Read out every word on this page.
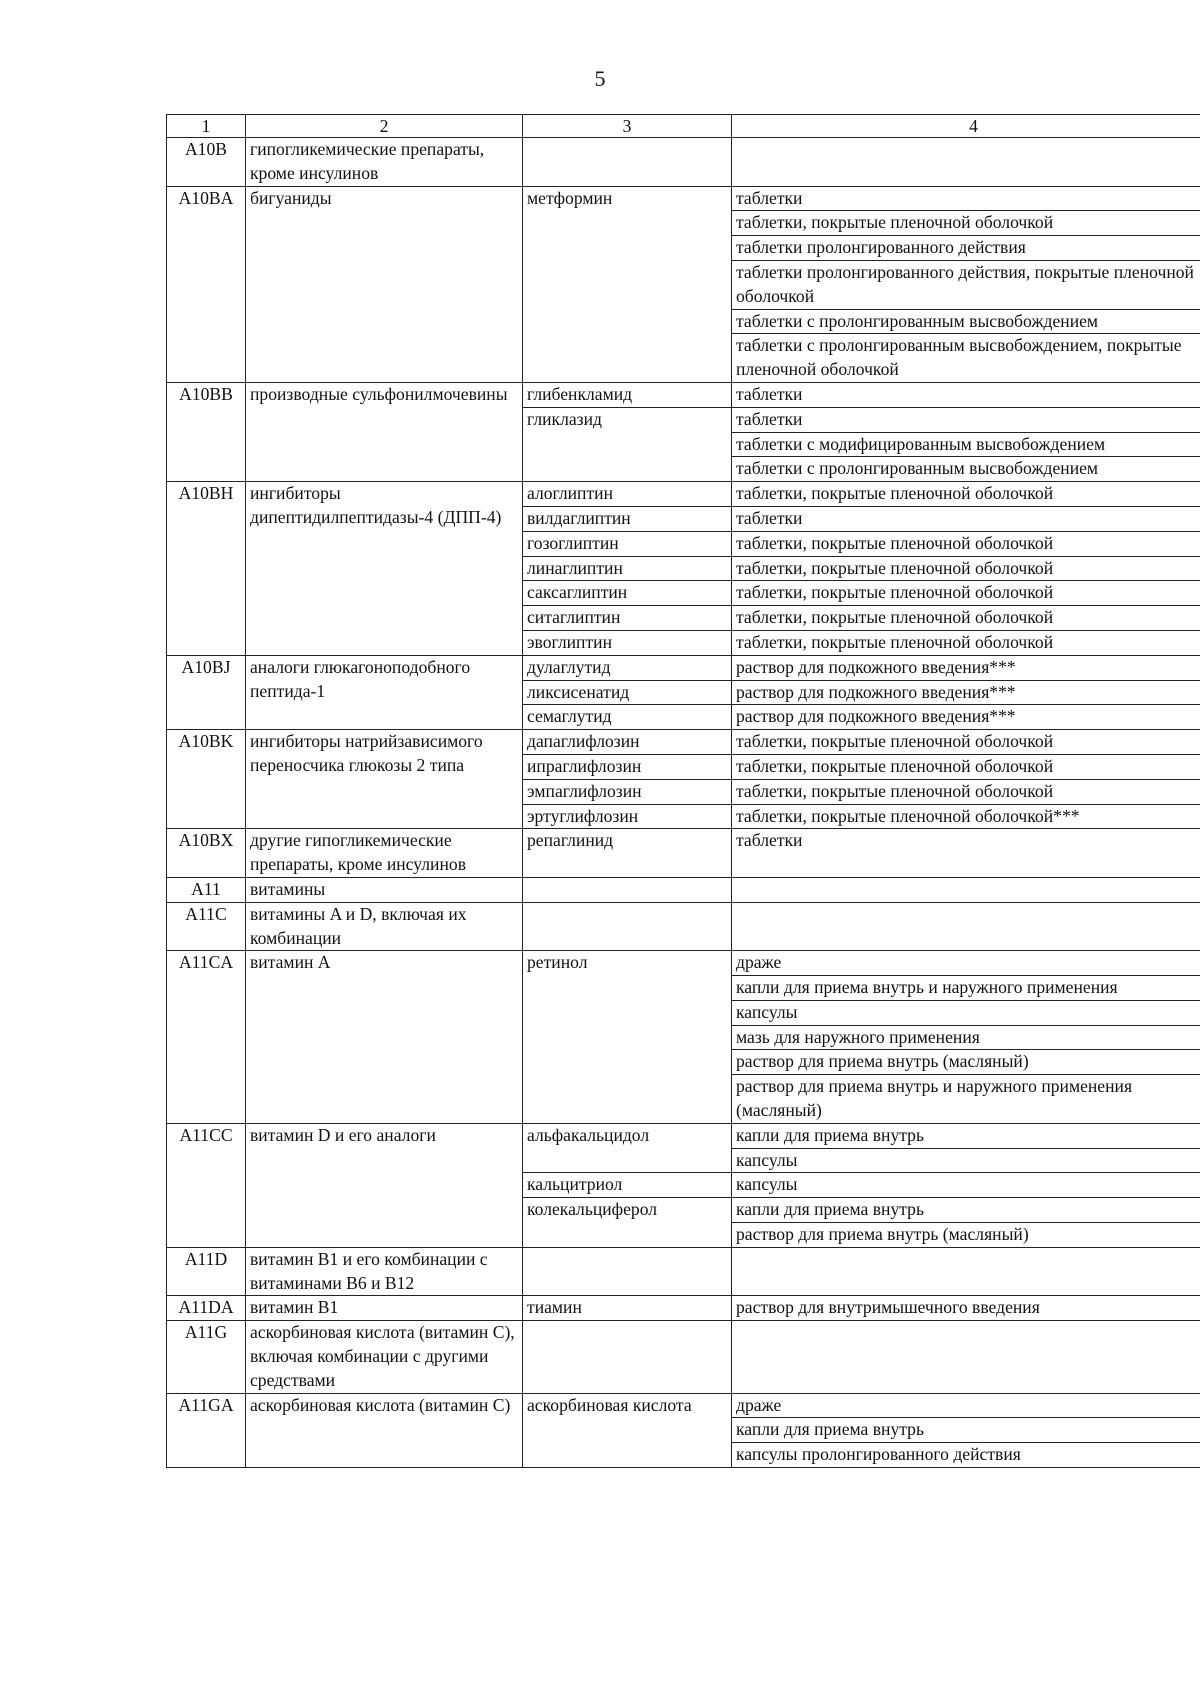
5
1	2	3	4
A10B	гипогликемические препараты, кроме инсулинов		
A10BA	бигуаниды	метформин	таблетки
			таблетки, покрытые пленочной оболочкой
			таблетки пролонгированного действия
			таблетки пролонгированного действия, покрытые пленочной оболочкой
			таблетки с пролонгированным высвобождением
			таблетки с пролонгированным высвобождением, покрытые пленочной оболочкой
A10BB	производные сульфонилмочевины	глибенкламид	таблетки
		гликлазид	таблетки
			таблетки с модифицированным высвобождением
			таблетки с пролонгированным высвобождением
A10BH	ингибиторы дипептидилпептидазы-4 (ДПП-4)	алоглиптин	таблетки, покрытые пленочной оболочкой
		вилдаглиптин	таблетки
		гозоглиптин	таблетки, покрытые пленочной оболочкой
		линаглиптин	таблетки, покрытые пленочной оболочкой
		саксаглиптин	таблетки, покрытые пленочной оболочкой
		ситаглиптин	таблетки, покрытые пленочной оболочкой
		эвоглиптин	таблетки, покрытые пленочной оболочкой
A10BJ	аналоги глюкагоноподобного пептида-1	дулаглутид	раствор для подкожного введения***
		ликсисенатид	раствор для подкожного введения***
		семаглутид	раствор для подкожного введения***
A10BK	ингибиторы натрийзависимого переносчика глюкозы 2 типа	дапаглифлозин	таблетки, покрытые пленочной оболочкой
		ипраглифлозин	таблетки, покрытые пленочной оболочкой
		эмпаглифлозин	таблетки, покрытые пленочной оболочкой
		эртуглифлозин	таблетки, покрытые пленочной оболочкой***
A10BX	другие гипогликемические препараты, кроме инсулинов	репаглинид	таблетки
A11	витамины		
A11C	витамины A и D, включая их комбинации		
A11CA	витамин A	ретинол	драже
			капли для приема внутрь и наружного применения
			капсулы
			мазь для наружного применения
			раствор для приема внутрь (масляный)
			раствор для приема внутрь и наружного применения (масляный)
A11CC	витамин D и его аналоги	альфакальцидол	капли для приема внутрь
			капсулы
		кальцитриол	капсулы
		колекальциферол	капли для приема внутрь
			раствор для приема внутрь (масляный)
A11D	витамин B1 и его комбинации с витаминами B6 и B12		
A11DA	витамин B1	тиамин	раствор для внутримышечного введения
A11G	аскорбиновая кислота (витамин C), включая комбинации с другими средствами		
A11GA	аскорбиновая кислота (витамин C)	аскорбиновая кислота	драже
			капли для приема внутрь
			капсулы пролонгированного действия
